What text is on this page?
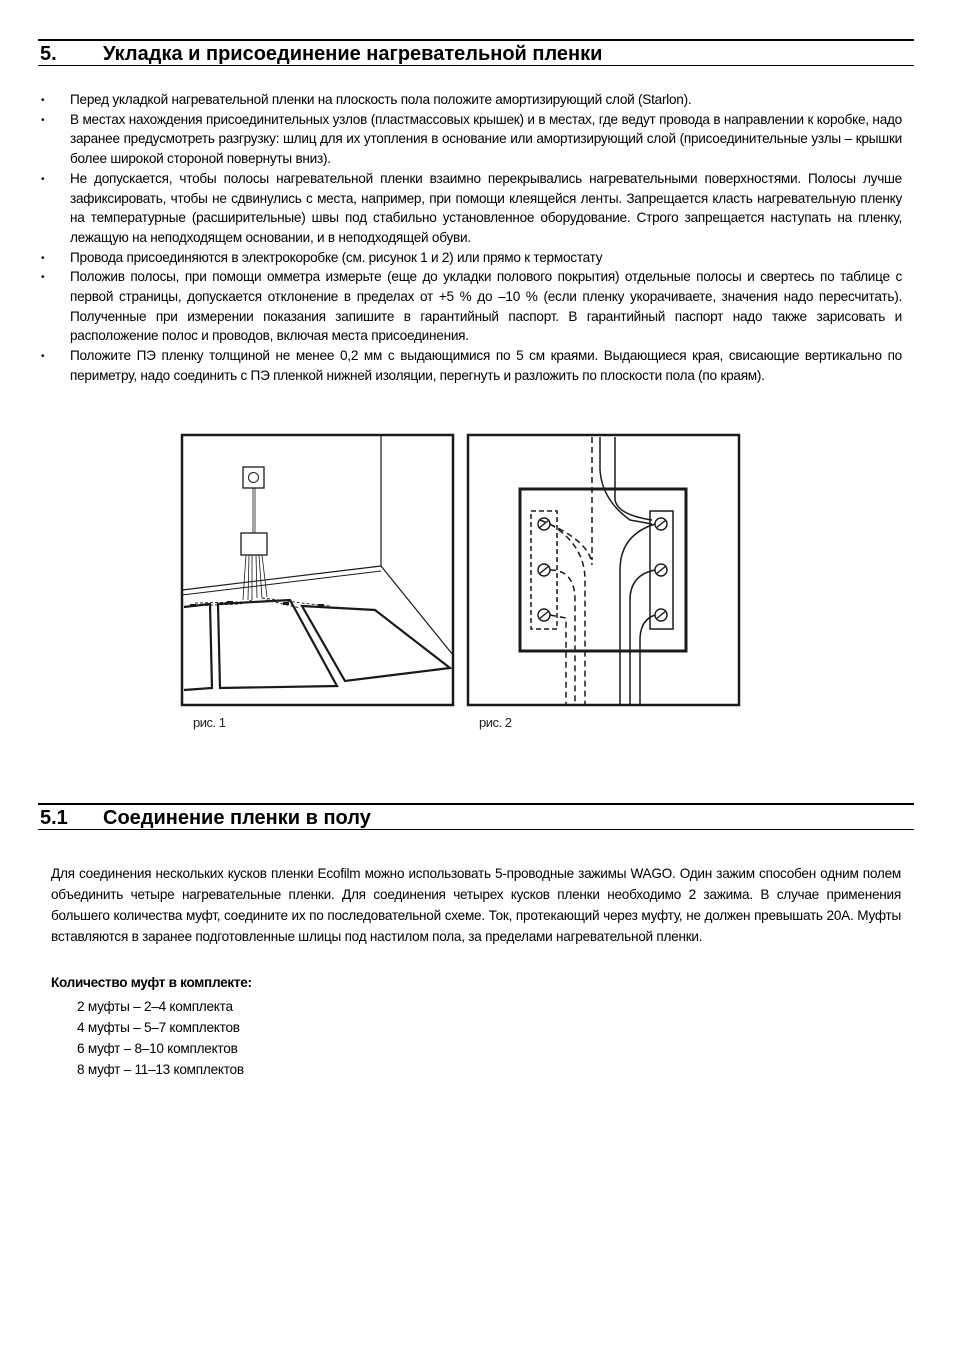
5. Укладка и присоединение нагревательной пленки
• Перед укладкой нагревательной пленки на плоскость пола положите амортизирующий слой (Starlon).
• В местах нахождения присоединительных узлов (пластмассовых крышек) и в местах, где ведут провода в направлении к коробке, надо заранее предусмотреть разгрузку: шлиц для их утопления в основание или амортизирующий слой (присоединительные узлы – крышки более широкой стороной повернуты вниз).
• Не допускается, чтобы полосы нагревательной пленки взаимно перекрывались нагревательными поверхностями. Полосы лучше зафиксировать, чтобы не сдвинулись с места, например, при помощи клеящейся ленты. Запрещается класть нагревательную пленку на температурные (расширительные) швы под стабильно установленное оборудование. Строго запрещается наступать на пленку, лежащую на неподходящем основании, и в неподходящей обуви.
• Провода присоединяются в электрокоробке (см. рисунок 1 и 2) или прямо к термостату
• Положив полосы, при помощи омметра измерьте (еще до укладки полового покрытия) отдельные полосы и свертесь по таблице с первой страницы, допускается отклонение в пределах от +5 % до –10 % (если пленку укорачиваете, значения надо пересчитать). Полученные при измерении показания запишите в гарантийный паспорт. В гарантийный паспорт надо также зарисовать и расположение полос и проводов, включая места присоединения.
• Положите ПЭ пленку толщиной не менее 0,2 мм с выдающимися по 5 см краями. Выдающиеся края, свисающие вертикально по периметру, надо соединить с ПЭ пленкой нижней изоляции, перегнуть и разложить по плоскости пола (по краям).
рис. 1	рис. 2
5.1 Соединение пленки в полу

Для соединения нескольких кусков пленки Ecofilm можно использовать 5-проводные зажимы WAGO. Один зажим способен одним полем объединить четыре нагревательные пленки. Для соединения четырех кусков пленки необходимо 2 зажима. В случае применения большего количества муфт, соедините их по последовательной схеме. Ток, протекающий через муфту, не должен превышать 20А. Муфты вставляются в заранее подготовленные шлицы под настилом пола, за пределами нагревательной пленки.

Количество муфт в комплекте:

2 муфты – 2–4 комплекта
4 муфты – 5–7 комплектов
6 муфт – 8–10 комплектов
8 муфт – 11–13 комплектов
